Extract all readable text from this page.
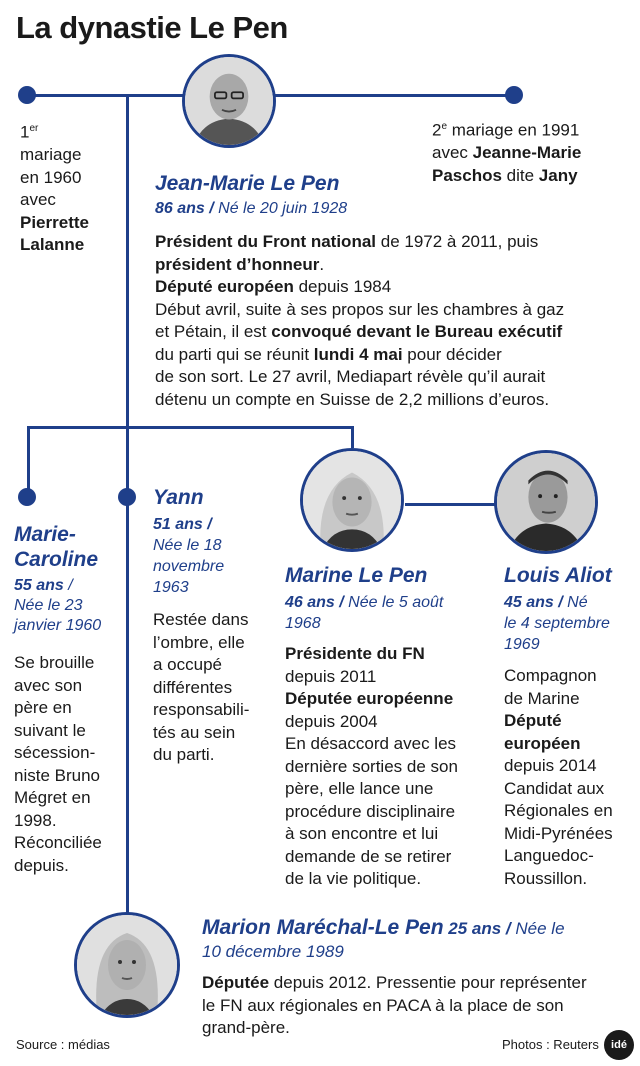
La dynastie Le Pen
1er
mariage
en 1960
avec
Pierrette
Lalanne
2e mariage en 1991
avec Jeanne-Marie
Paschos dite Jany
Jean-Marie Le Pen
86 ans / Né le 20 juin 1928
Président du Front national de 1972 à 2011, puis
président d’honneur.
Député européen depuis 1984
Début avril, suite à ses propos sur les chambres à gaz
et Pétain, il est convoqué devant le Bureau exécutif
du parti qui se réunit lundi 4 mai pour décider
de son sort. Le 27 avril, Mediapart révèle qu’il aurait
détenu un compte en Suisse de 2,2 millions d’euros.
Marie-
Caroline
55 ans /
Née le 23
janvier 1960
Se brouille
avec son
père en
suivant le
sécession-
niste Bruno
Mégret en
1998.
Réconciliée
depuis.
Yann
51 ans /
Née le 18
novembre
1963
Restée dans
l’ombre, elle
a occupé
différentes
responsabili-
tés au sein
du parti.
Marine Le Pen
46 ans / Née le 5 août
1968
Présidente du FN
depuis 2011
Députée européenne
depuis 2004
En désaccord avec les
dernière sorties de son
père, elle lance une
procédure disciplinaire
à son encontre et lui
demande de se retirer
de la vie politique.
Louis Aliot
45 ans / Né
le 4 septembre
1969
Compagnon
de Marine
Député
européen
depuis 2014
Candidat aux
Régionales en
Midi-Pyrénées
Languedoc-
Roussillon.
Marion Maréchal-Le Pen 25 ans / Née le
10 décembre 1989
Députée depuis 2012. Pressentie pour représenter
le FN aux régionales en PACA à la place de son
grand-père.
Source : médias	Photos : Reuters	idé
